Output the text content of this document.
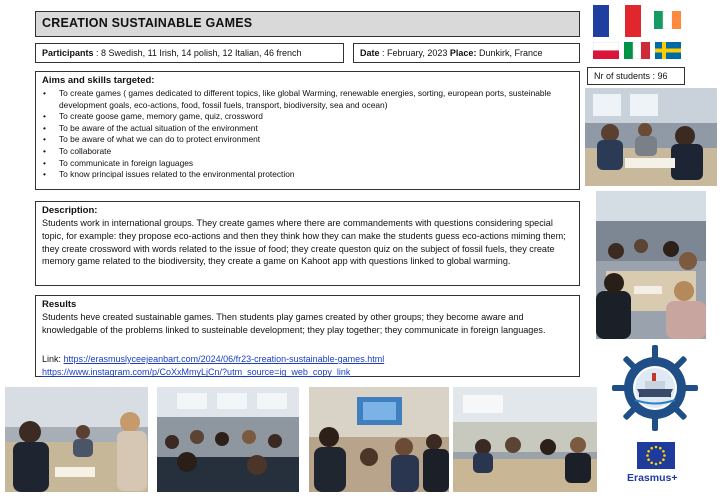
CREATION SUSTAINABLE GAMES
Participants : 8 Swedish, 11 Irish, 14 polish, 12 Italian, 46 french	Date : February, 2023 Place: Dunkirk, France
Nr of students : 96
Aims and skills targeted:
• To create games ( games dedicated to different topics, like global Warming, renewable energies, sorting, european ports, susteinable development goals, eco-actions, food, fossil fuels, transport, biodiversity, sea and ocean)
• To create goose game, memory game, quiz, crossword
• To be aware of the actual situation of the environment
• To be aware of what we can do to protect environment
• To collaborate
• To communicate in foreign laguages
• To know principal issues related to the environmental protection
Description:
Students work in international groups. They create games where there are commandements with questions considering special topic, for example: they propose eco-actions and then they think how they can make the students guess eco-actions miming them; they create crossword with words related to the issue of food; they create queston quiz on the subject of fossil fuels, they create memory game related to the biodiversity, they create a game on Kahoot app with questions linked to global warming.
Results
Students heve created sustainable games. Then students play games created by other groups; they become aware and knowledgable of the problems linked to susteinable development; they play together; they communicate in foreign languages.
Link: https://erasmuslyceejeanbart.com/2024/06/fr23-creation-sustainable-games.html
https://www.instagram.com/p/CoXxMmyLjCn/?utm_source=ig_web_copy_link
Erasmus+
